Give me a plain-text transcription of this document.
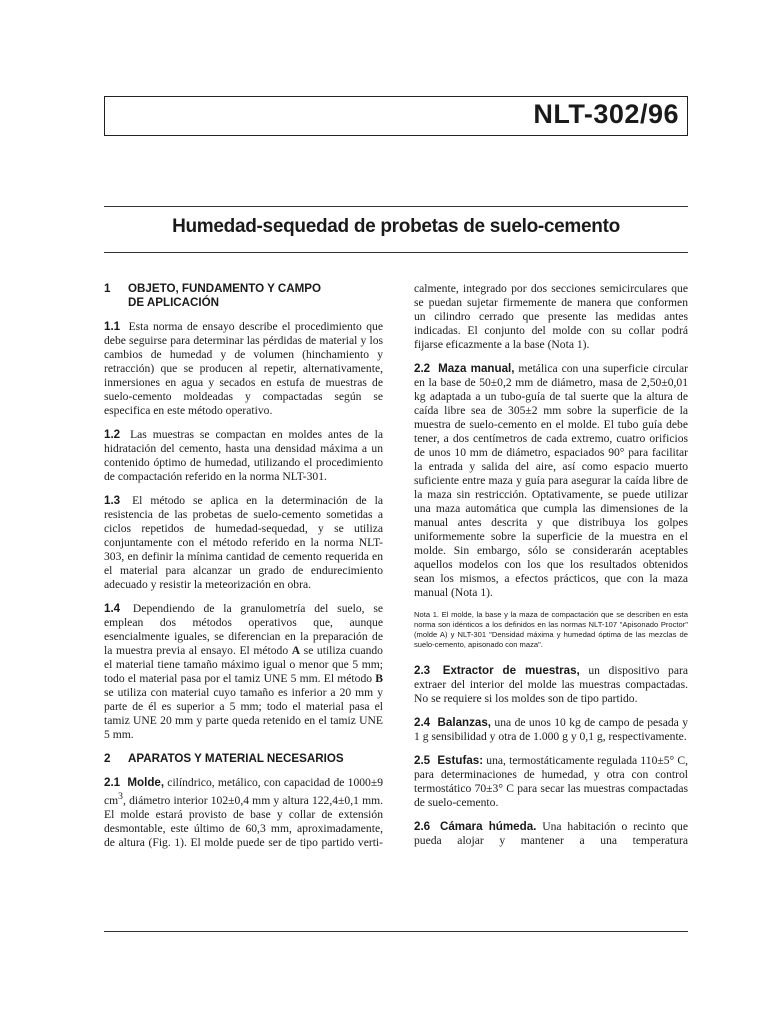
NLT-302/96
Humedad-sequedad de probetas de suelo-cemento
1	OBJETO, FUNDAMENTO Y CAMPO
DE APLICACIÓN

1.1 Esta norma de ensayo describe el procedimiento que debe seguirse para determinar las pérdidas de material y los cambios de humedad y de volumen (hinchamiento y retracción) que se producen al repetir, alternativamente, inmersiones en agua y secados en estufa de muestras de suelo-cemento moldeadas y compactadas según se especifica en este método operativo.

1.2 Las muestras se compactan en moldes antes de la hidratación del cemento, hasta una densidad máxima a un contenido óptimo de humedad, utilizando el procedimiento de compactación referido en la norma NLT-301.

1.3 El método se aplica en la determinación de la resistencia de las probetas de suelo-cemento sometidas a ciclos repetidos de humedad-sequedad, y se utiliza conjuntamente con el método referido en la norma NLT-303, en definir la mínima cantidad de cemento requerida en el material para alcanzar un grado de endurecimiento adecuado y resistir la meteorización en obra.

1.4 Dependiendo de la granulometría del suelo, se emplean dos métodos operativos que, aunque esencialmente iguales, se diferencian en la preparación de la muestra previa al ensayo. El método A se utiliza cuando el material tiene tamaño máximo igual o menor que 5 mm; todo el material pasa por el tamiz UNE 5 mm. El método B se utiliza con material cuyo tamaño es inferior a 20 mm y parte de él es superior a 5 mm; todo el material pasa el tamiz UNE 20 mm y parte queda retenido en el tamiz UNE 5 mm.

2	APARATOS Y MATERIAL NECESARIOS

2.1 Molde, cilíndrico, metálico, con capacidad de 1000±9 $cm^3$, diámetro interior 102±0,4 mm y altura 122,4±0,1 mm. El molde estará provisto de base y collar de extensión desmontable, este último de 60,3 mm, aproximadamente, de altura (Fig. 1). El molde puede ser de tipo partido verti-

calmente, integrado por dos secciones semicirculares que se puedan sujetar firmemente de manera que conformen un cilindro cerrado que presente las medidas antes indicadas. El conjunto del molde con su collar podrá fijarse eficazmente a la base (Nota 1).

2.2 Maza manual, metálica con una superficie circular en la base de 50±0,2 mm de diámetro, masa de 2,50±0,01 kg adaptada a un tubo-guía de tal suerte que la altura de caída libre sea de 305±2 mm sobre la superficie de la muestra de suelo-cemento en el molde. El tubo guía debe tener, a dos centímetros de cada extremo, cuatro orificios de unos 10 mm de diámetro, espaciados 90° para facilitar la entrada y salida del aire, así como espacio muerto suficiente entre maza y guía para asegurar la caída libre de la maza sin restricción. Optativamente, se puede utilizar una maza automática que cumpla las dimensiones de la manual antes descrita y que distribuya los golpes uniformemente sobre la superficie de la muestra en el molde. Sin embargo, sólo se considerarán aceptables aquellos modelos con los que los resultados obtenidos sean los mismos, a efectos prácticos, que con la maza manual (Nota 1).

Nota 1. El molde, la base y la maza de compactación que se describen en esta norma son idénticos a los definidos en las normas NLT-107 "Apisonado Proctor" (molde A) y NLT-301 "Densidad máxima y humedad óptima de las mezclas de suelo-cemento, apisonado con maza".

2.3 Extractor de muestras, un dispositivo para extraer del interior del molde las muestras compactadas. No se requiere si los moldes son de tipo partido.

2.4 Balanzas, una de unos 10 kg de campo de pesada y 1 g sensibilidad y otra de 1.000 g y 0,1 g, respectivamente.

2.5 Estufas: una, termostáticamente regulada 110±5° C, para determinaciones de humedad, y otra con control termostático 70±3° C para secar las muestras compactadas de suelo-cemento.

2.6 Cámara húmeda. Una habitación o recinto que pueda alojar y mantener a una temperatura
